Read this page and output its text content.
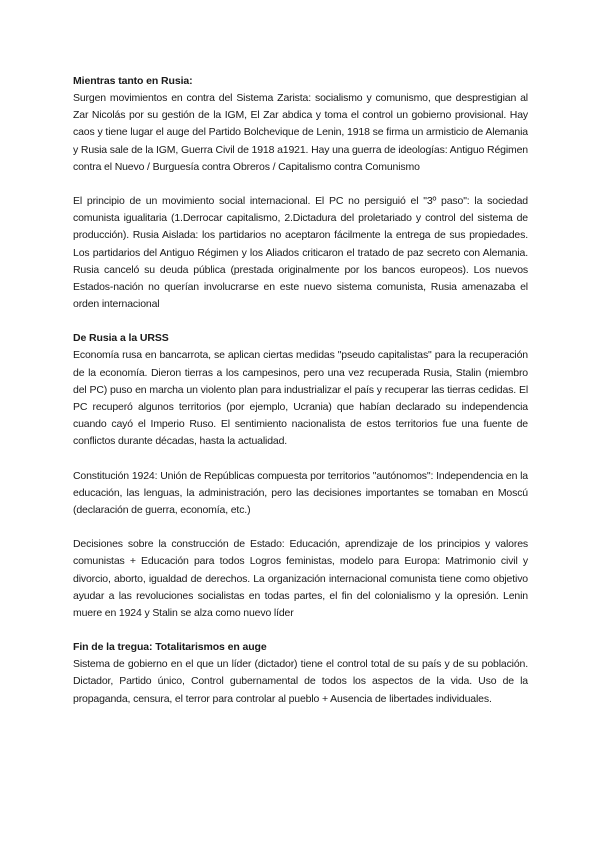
Mientras tanto en Rusia:

Surgen movimientos en contra del Sistema Zarista: socialismo y comunismo, que desprestigian al Zar Nicolás por su gestión de la IGM, El Zar abdica y toma el control un gobierno provisional. Hay caos y tiene lugar el auge del Partido Bolchevique de Lenin, 1918 se firma un armisticio de Alemania y Rusia sale de la IGM, Guerra Civil de 1918 a1921. Hay una guerra de ideologías: Antiguo Régimen contra el Nuevo / Burguesía contra Obreros / Capitalismo contra Comunismo

El principio de un movimiento social internacional. El PC no persiguió el "3º paso": la sociedad comunista igualitaria (1.Derrocar capitalismo, 2.Dictadura del proletariado y control del sistema de producción). Rusia Aislada: los partidarios no aceptaron fácilmente la entrega de sus propiedades. Los partidarios del Antiguo Régimen y los Aliados criticaron el tratado de paz secreto con Alemania. Rusia canceló su deuda pública (prestada originalmente por los bancos europeos). Los nuevos Estados-nación no querían involucrarse en este nuevo sistema comunista, Rusia amenazaba el orden internacional

De Rusia a la URSS

Economía rusa en bancarrota, se aplican ciertas medidas "pseudo capitalistas" para la recuperación de la economía. Dieron tierras a los campesinos, pero una vez recuperada Rusia, Stalin (miembro del PC) puso en marcha un violento plan para industrializar el país y recuperar las tierras cedidas. El PC recuperó algunos territorios (por ejemplo, Ucrania) que habían declarado su independencia cuando cayó el Imperio Ruso. El sentimiento nacionalista de estos territorios fue una fuente de conflictos durante décadas, hasta la actualidad.

Constitución 1924: Unión de Repúblicas compuesta por territorios "autónomos": Independencia en la educación, las lenguas, la administración, pero las decisiones importantes se tomaban en Moscú (declaración de guerra, economía, etc.)

Decisiones sobre la construcción de Estado: Educación, aprendizaje de los principios y valores comunistas + Educación para todos Logros feministas, modelo para Europa: Matrimonio civil y divorcio, aborto, igualdad de derechos. La organización internacional comunista tiene como objetivo ayudar a las revoluciones socialistas en todas partes, el fin del colonialismo y la opresión. Lenin muere en 1924 y Stalin se alza como nuevo líder

Fin de la tregua: Totalitarismos en auge

Sistema de gobierno en el que un líder (dictador) tiene el control total de su país y de su población. Dictador, Partido único, Control gubernamental de todos los aspectos de la vida. Uso de la propaganda, censura, el terror para controlar al pueblo + Ausencia de libertades individuales.
